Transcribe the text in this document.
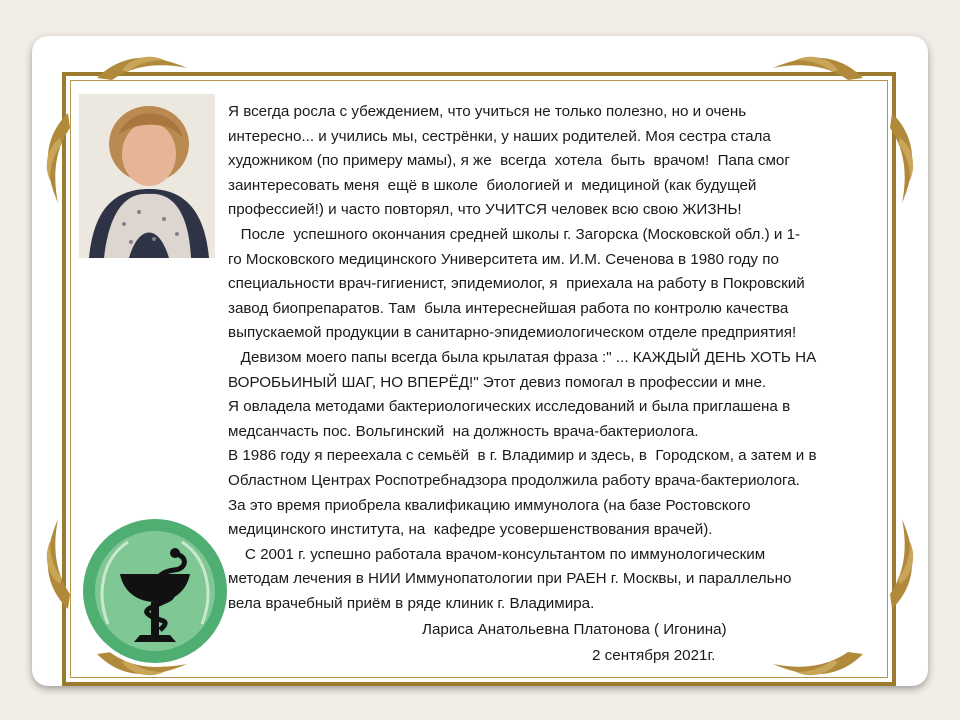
Я всегда росла с убеждением, что учиться не только полезно, но и очень

интересно... и учились мы, сестрёнки, у наших родителей. Моя сестра стала

художником (по примеру мамы), я же  всегда  хотела  быть  врачом!  Папа смог

заинтересовать меня  ещё в школе  биологией и  медициной (как будущей

профессией!) и часто повторял, что УЧИТСЯ человек всю свою ЖИЗНЬ!

После  успешного окончания средней школы г. Загорска (Московской обл.) и 1-

го Московского медицинского Университета им. И.М. Сеченова в 1980 году по

специальности врач-гигиенист, эпидемиолог, я  приехала на работу в Покровский

завод биопрепаратов. Там  была интереснейшая работа по контролю качества

выпускаемой продукции в санитарно-эпидемиологическом отделе предприятия!

Девизом моего папы всегда была крылатая фраза :" ... КАЖДЫЙ ДЕНЬ ХОТЬ НА

ВОРОБЬИНЫЙ ШАГ, НО ВПЕРЁД!" Этот девиз помогал в профессии и мне.

Я овладела методами бактериологических исследований и была приглашена в

медсанчасть пос. Вольгинский  на должность врача-бактериолога.

В 1986 году я переехала с семьёй  в г. Владимир и здесь, в  Городском, а затем и в

Областном Центрах Роспотребнадзора продолжила работу врача-бактериолога.

За это время приобрела квалификацию иммунолога (на базе Ростовского

медицинского института, на  кафедре усовершенствования врачей).

С 2001 г. успешно работала врачом-консультантом по иммунологическим

методам лечения в НИИ Иммунопатологии при РАЕН г. Москвы, и параллельно

вела врачебный приём в ряде клиник г. Владимира.

Лариса Анатольевна Платонова ( Игонина)
2 сентября 2021г.
